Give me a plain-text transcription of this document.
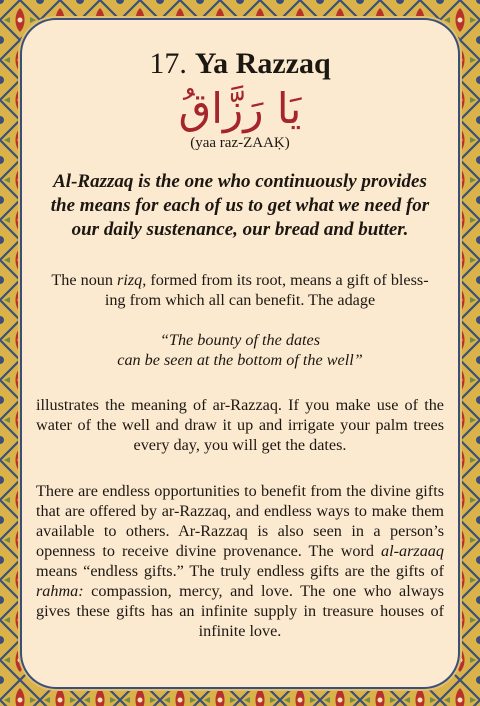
17. Ya Razzaq
يَا رَزَّاقُ
(yaa raz-ZAAḲ)

Al-Razzaq is the one who continuously provides the means for each of us to get what we need for our daily sustenance, our bread and butter.

The noun rizq, formed from its root, means a gift of bless-ing from which all can benefit. The adage

“The bounty of the dates
can be seen at the bottom of the well”

illustrates the meaning of ar-Razzaq. If you make use of the water of the well and draw it up and irrigate your palm trees every day, you will get the dates.

There are endless opportunities to benefit from the divine gifts that are offered by ar-Razzaq, and endless ways to make them available to others. Ar-Razzaq is also seen in a person’s openness to receive divine provenance. The word al-arzaaq means “endless gifts.” The truly endless gifts are the gifts of rahma: compassion, mercy, and love. The one who always gives these gifts has an infinite supply in treasure houses of infinite love.
